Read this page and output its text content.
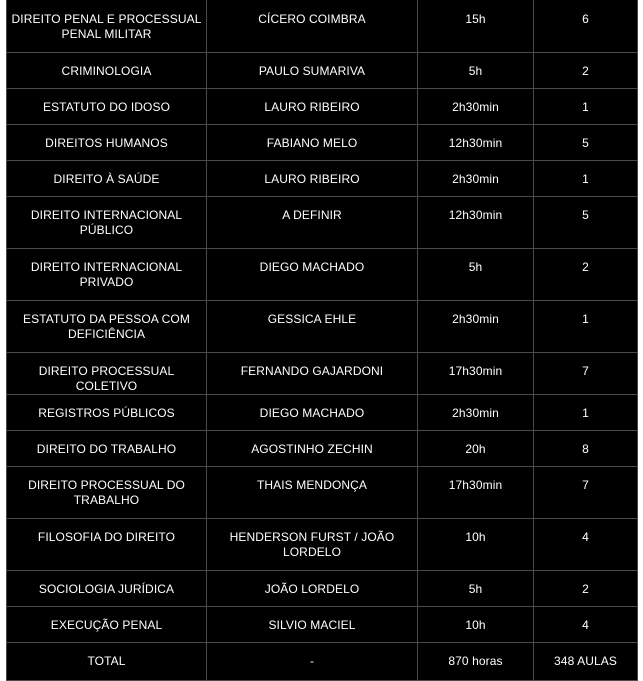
DIREITO PENAL E PROCESSUAL PENAL MILITAR	CÍCERO COIMBRA	15h	6
CRIMINOLOGIA	PAULO SUMARIVA	5h	2
ESTATUTO DO IDOSO	LAURO RIBEIRO	2h30min	1
DIREITOS HUMANOS	FABIANO MELO	12h30min	5
DIREITO À SAÚDE	LAURO RIBEIRO	2h30min	1
DIREITO INTERNACIONAL PÚBLICO	A DEFINIR	12h30min	5
DIREITO INTERNACIONAL PRIVADO	DIEGO MACHADO	5h	2
ESTATUTO DA PESSOA COM DEFICIÊNCIA	GESSICA EHLE	2h30min	1
DIREITO PROCESSUAL COLETIVO	FERNANDO GAJARDONI	17h30min	7
REGISTROS PÚBLICOS	DIEGO MACHADO	2h30min	1
DIREITO DO TRABALHO	AGOSTINHO ZECHIN	20h	8
DIREITO PROCESSUAL DO TRABALHO	THAIS MENDONÇA	17h30min	7
FILOSOFIA DO DIREITO	HENDERSON FURST / JOÃO LORDELO	10h	4
SOCIOLOGIA JURÍDICA	JOÃO LORDELO	5h	2
EXECUÇÃO PENAL	SILVIO MACIEL	10h	4
TOTAL	-	870 horas	348 AULAS
